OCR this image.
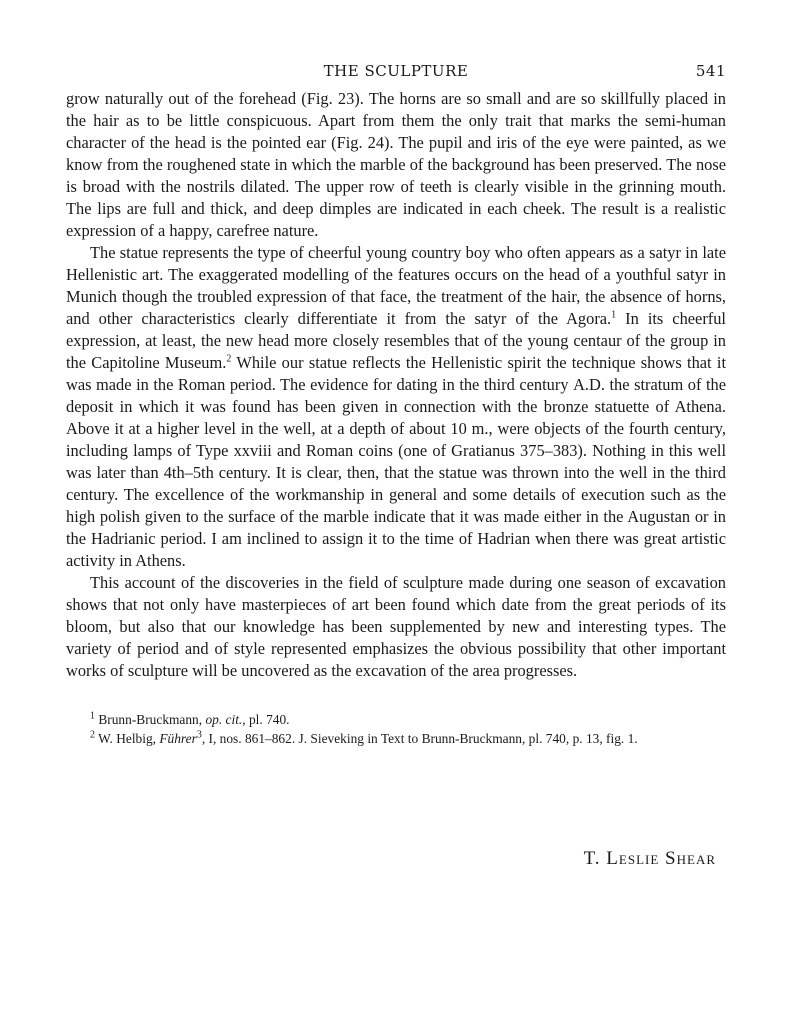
THE SCULPTURE	541

grow naturally out of the forehead (Fig. 23). The horns are so small and are so skillfully placed in the hair as to be little conspicuous. Apart from them the only trait that marks the semi-human character of the head is the pointed ear (Fig. 24). The pupil and iris of the eye were painted, as we know from the roughened state in which the marble of the background has been preserved. The nose is broad with the nostrils dilated. The upper row of teeth is clearly visible in the grinning mouth. The lips are full and thick, and deep dimples are indicated in each cheek. The result is a realistic expression of a happy, carefree nature.

The statue represents the type of cheerful young country boy who often appears as a satyr in late Hellenistic art. The exaggerated modelling of the features occurs on the head of a youthful satyr in Munich though the troubled expression of that face, the treatment of the hair, the absence of horns, and other characteristics clearly differentiate it from the satyr of the Agora.$^1$ In its cheerful expression, at least, the new head more closely resembles that of the young centaur of the group in the Capitoline Museum.$^2$ While our statue reflects the Hellenistic spirit the technique shows that it was made in the Roman period. The evidence for dating in the third century A.D. the stratum of the deposit in which it was found has been given in connection with the bronze statuette of Athena. Above it at a higher level in the well, at a depth of about 10 m., were objects of the fourth century, including lamps of Type xxviii and Roman coins (one of Gratianus 375–383). Nothing in this well was later than 4th–5th century. It is clear, then, that the statue was thrown into the well in the third century. The excellence of the workmanship in general and some details of execution such as the high polish given to the surface of the marble indicate that it was made either in the Augustan or in the Hadrianic period. I am inclined to assign it to the time of Hadrian when there was great artistic activity in Athens.

This account of the discoveries in the field of sculpture made during one season of excavation shows that not only have masterpieces of art been found which date from the great periods of its bloom, but also that our knowledge has been supplemented by new and interesting types. The variety of period and of style represented emphasizes the obvious possibility that other important works of sculpture will be uncovered as the excavation of the area progresses.

$^1$ Brunn-Bruckmann, op. cit., pl. 740.
$^2$ W. Helbig, Führer$^3$, I, nos. 861–862. J. Sieveking in Text to Brunn-Bruckmann, pl. 740, p. 13, fig. 1.
T. Leslie Shear
